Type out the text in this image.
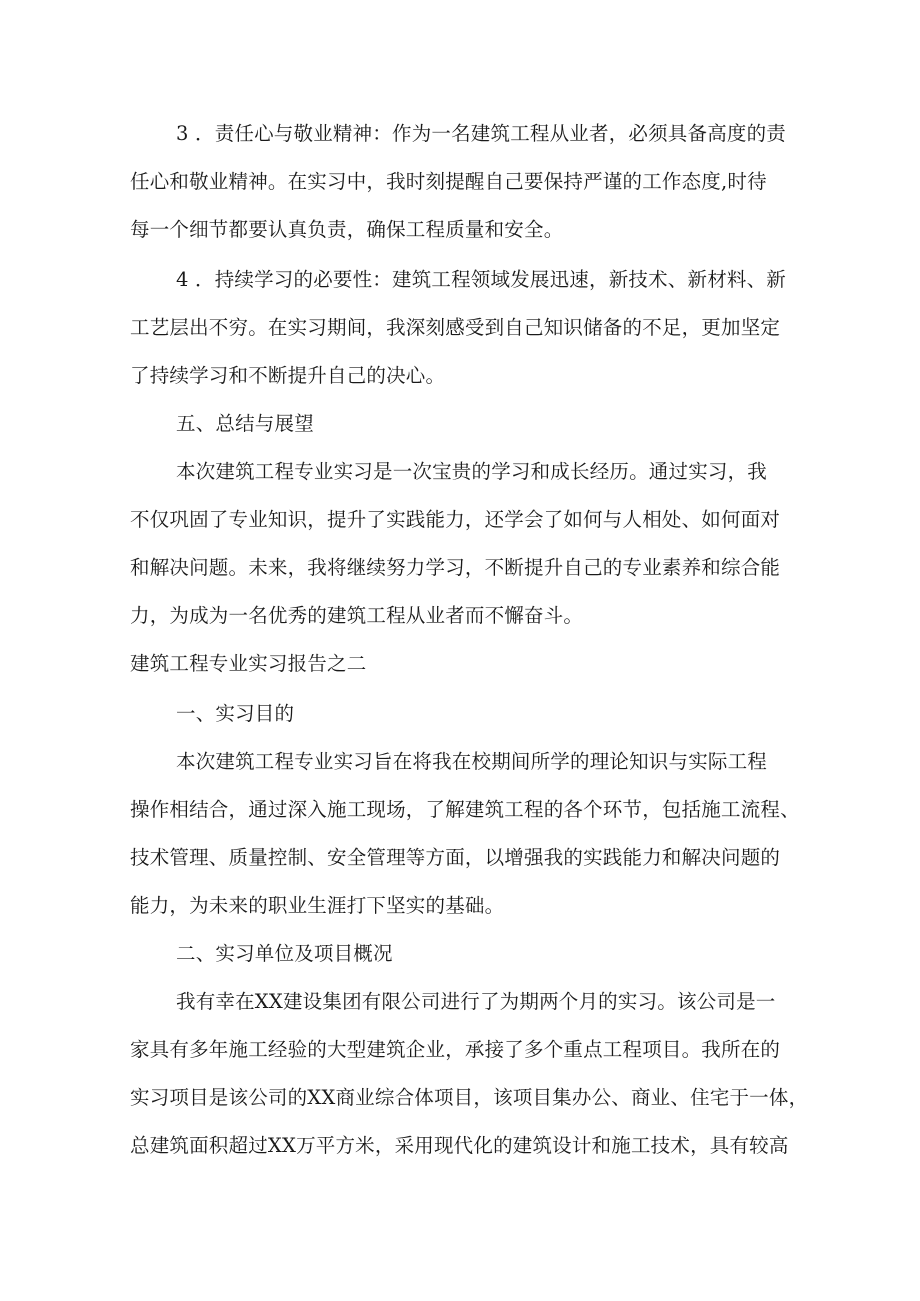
3 ．责任心与敬业精神：作为一名建筑工程从业者，必须具备高度的责
任心和敬业精神。在实习中，我时刻提醒自己要保持严谨的工作态度,时待
每一个细节都要认真负责，确保工程质量和安全。
4 ．持续学习的必要性：建筑工程领域发展迅速，新技术、新材料、新
工艺层出不穷。在实习期间，我深刻感受到自己知识储备的不足，更加坚定
了持续学习和不断提升自己的决心。
五、总结与展望
本次建筑工程专业实习是一次宝贵的学习和成长经历。通过实习，我
不仅巩固了专业知识，提升了实践能力，还学会了如何与人相处、如何面对
和解决问题。未来，我将继续努力学习，不断提升自己的专业素养和综合能
力，为成为一名优秀的建筑工程从业者而不懈奋斗。
建筑工程专业实习报告之二
一、实习目的
本次建筑工程专业实习旨在将我在校期间所学的理论知识与实际工程
操作相结合，通过深入施工现场，了解建筑工程的各个环节，包括施工流程、
技术管理、质量控制、安全管理等方面，以增强我的实践能力和解决问题的
能力，为未来的职业生涯打下坚实的基础。
二、实习单位及项目概况
我有幸在XX建设集团有限公司进行了为期两个月的实习。该公司是一
家具有多年施工经验的大型建筑企业，承接了多个重点工程项目。我所在的
实习项目是该公司的XX商业综合体项目，该项目集办公、商业、住宅于一体，
总建筑面积超过XX万平方米，采用现代化的建筑设计和施工技术，具有较高
